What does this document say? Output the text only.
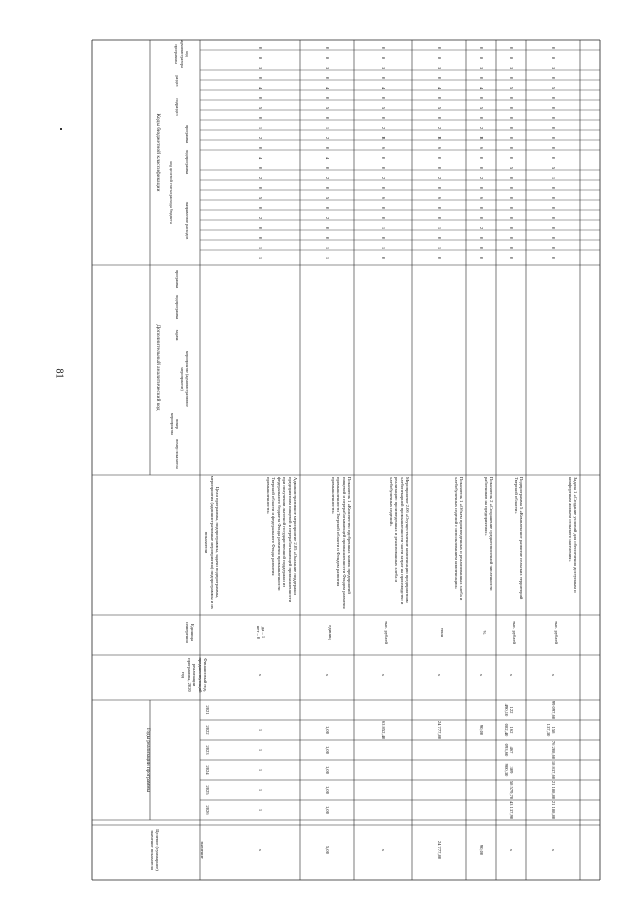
81
Коды бюджетной классификации
Дополнительный аналитический код
Цели программы, подпрограммы, задачи подпрограммы, мероприятия (административные мероприятия) подпрограммы и их показатели
Единица измерения
Финансовый год, предшествующий реализации программы, 2020 год
Годы реализации программы
Целевое (суммарное) значение показателя	значение
программа
подпрограмма
задача
мероприятие (административное мероприятие)
номер мероприятия
номер показателя
код администратора программы
раздел
подраздел
код целевой статьи расхода бюджета
программа
подпрограмма
направление расходов
0
8
3
0
4
0
5
0
1
2
0
4
0
2
0
5
0
2
0
0
1
1
Административное мероприятие 2.05 «Оказание поддержки предприятиям пищевой и перерабатывающей промышленности при получении льготной государственной поддержки из федерального бюджета Фонда развития промышленности Тверской области и федерального Фонда развития промышленности»
да – 1
нет – 0
х
1
1
1
1
1
х
0
8
3
0
4
0
5
0
1
2
0
4
0
2
0
5
0
2
0
0
1
1
Показатель 1 «Количество одобренных заявок предприятий пищевой и перерабатывающей промышленности Фондом развития промышленности Тверской области и Фондом развития промышленности»
единиц
х
1,00
1,00
1,00
1,00
1,00
5,00
0
8
3
0
4
0
5
0
2
R
6
0
0
2
0
6
0
0
1
0
1
0
Мероприятие 2.06 «Осуществление компенсации предприятиям хлебопекарной промышленности части затрат на производство и реализацию произведенных и реализованных хлеба и хлебобулочных изделий»
тыс. рублей
х
63 852,40
х
0
8
3
0
4
0
5
0
2
R
6
0
0
2
0
6
0
0
1
0
1
0
Показатель 1 «Объем произведенных и реализованных хлеба и хлебобулочных изделий с использованием компенсации»
тонн
х
24 777,80
24 777,80
0
8
3
0
4
0
5
0
2
R
6
0
0
2
0
6
0
0
2
0
0
0
Показатель 2 «Сохранение среднесписочной численности работников на предприятиях»
%
х
90,00
90,00
0
8
3
0
5
0
0
0
0
0
0
0
5
0
0
0
0
0
0
0
0
0
Подпрограмма 5 «Комплексное развитие сельских территорий Тверской области»
тыс. рублей
х
122 490,10
162 082,40
467 093,60
309 900,30
58 579,70
43 137,90
х
0
8
3
0
5
0
0
0
0
0
0
0
5
1
0
0
0
0
0
0
0
0
Задача 1 «Создание условий для обеспечения доступным и комфортным жильем сельского населения»
тыс. рублей
х
99 097,60
158 137,30
76 208,60
18 837,60
21 188,80
21 188,80
х
2021
2022
2023
2024
2025
2026
